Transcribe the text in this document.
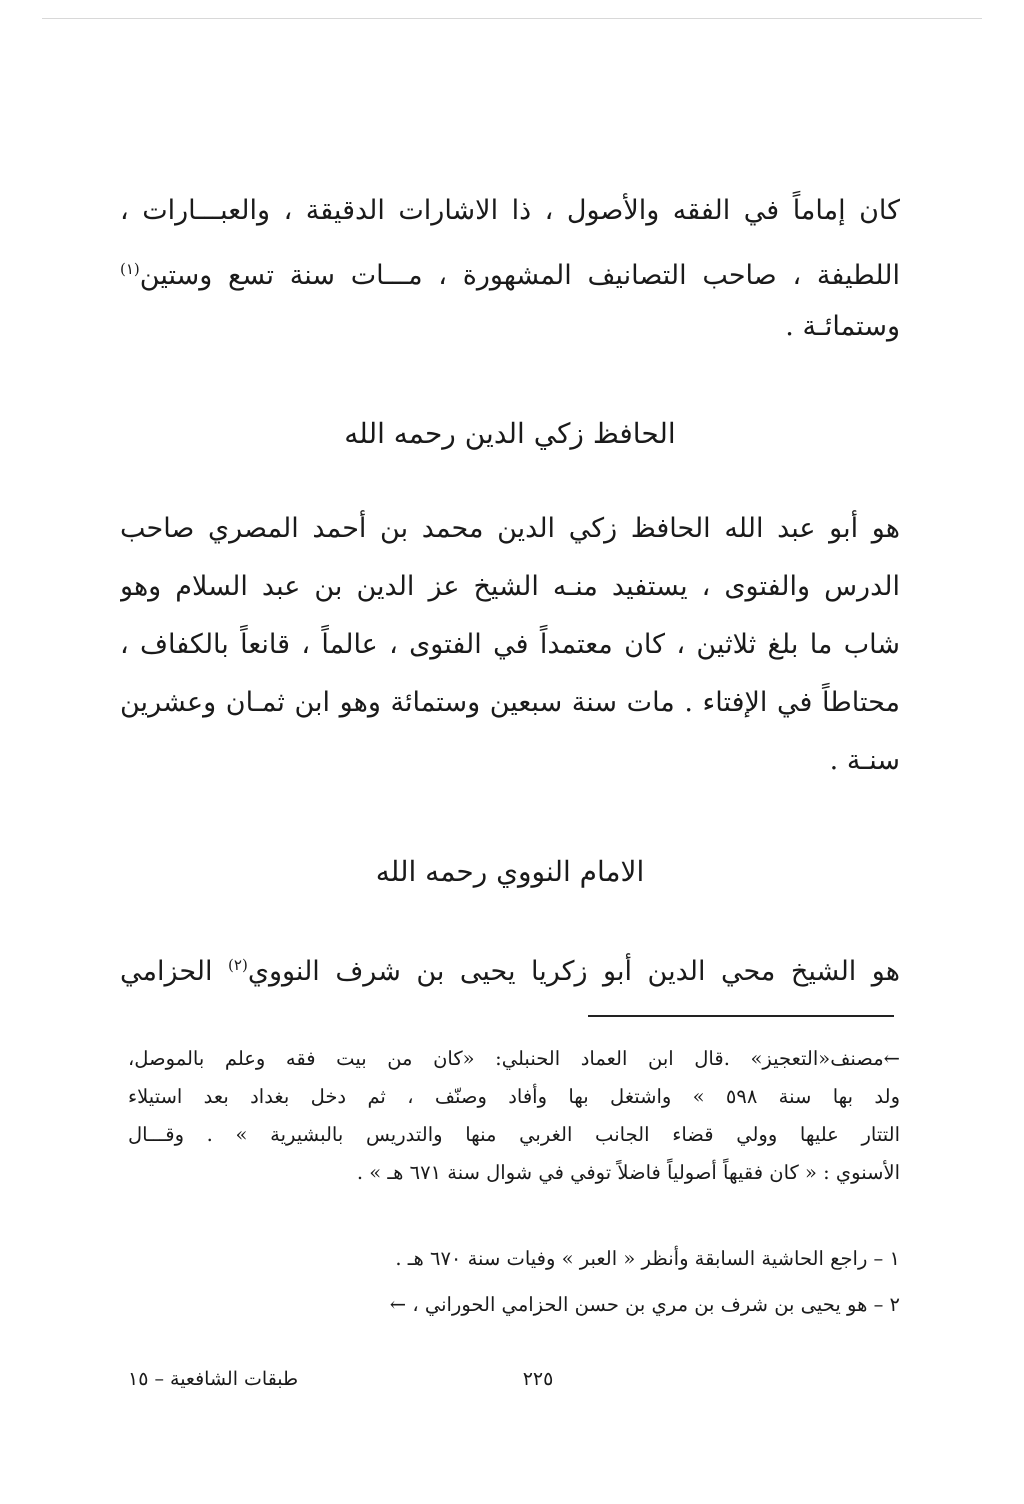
كان إماماً في الفقه والأصول ، ذا الاشارات الدقيقة ، والعبـــارات ،
اللطيفة ، صاحب التصانيف المشهورة ، مـــات سنة تسع وستين$^{(١)}$
وستمائـة .
الحافظ زكي الدين رحمه الله
هو أبو عبد الله الحافظ زكي الدين محمد بن أحمد المصري صاحب
الدرس والفتوى ، يستفيد منـه الشيخ عز الدين بن عبد السلام وهو
شاب ما بلغ ثلاثين ، كان معتمداً في الفتوى ، عالماً ، قانعاً بالكفاف ،
محتاطاً في الإفتاء . مات سنة سبعين وستمائة وهو ابن ثمـان وعشرين
سنـة .
الامام النووي رحمه الله
هو الشيخ محي الدين أبو زكريا يحيى بن شرف النووي$^{(٢)}$ الحزامي
←مصنف«التعجيز» .قال ابن العماد الحنبلي: «كان من بيت فقه وعلم بالموصل،
ولد بها سنة ٥٩٨ » واشتغل بها وأفاد وصنّف ، ثم دخل بغداد بعد استيلاء
التتار عليها وولي قضاء الجانب الغربي منها والتدريس بالبشيرية » . وقـــال
الأسنوي : « كان فقيهاً أصولياً فاضلاً توفي في شوال سنة ٦٧١ هـ » .
١ – راجع الحاشية السابقة وأنظر « العبر » وفيات سنة ٦٧٠ هـ .
٢ – هو يحيى بن شرف بن مري بن حسن الحزامي الحوراني ، ←
٢٢٥
طبقات الشافعية – ١٥
